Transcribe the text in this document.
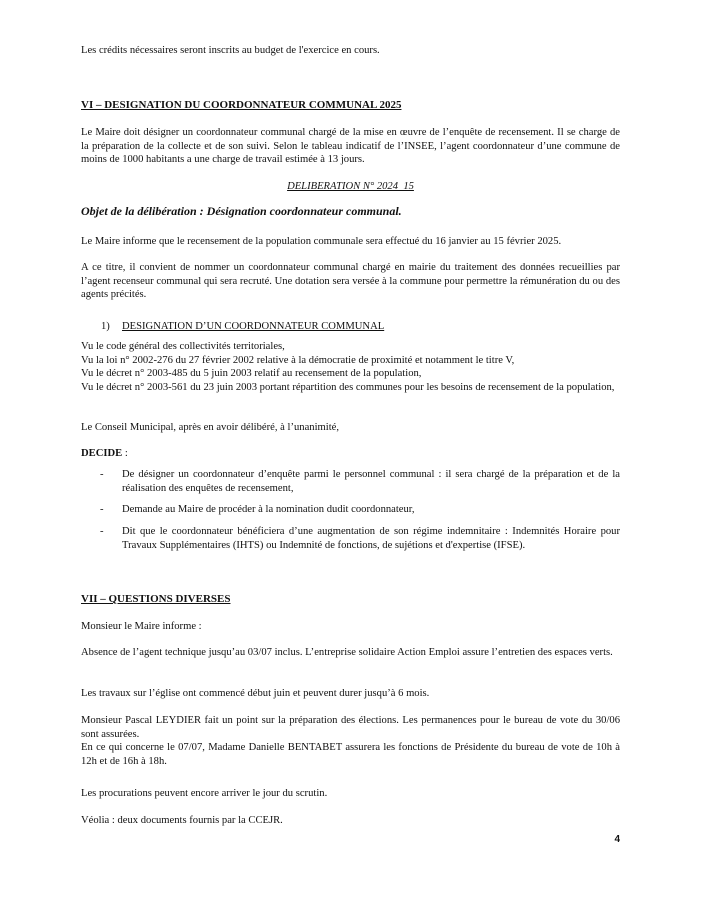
Les crédits nécessaires seront inscrits au budget de l'exercice en cours.

VI – DESIGNATION DU COORDONNATEUR COMMUNAL 2025

Le Maire doit désigner un coordonnateur communal chargé de la mise en œuvre de l’enquête de recensement. Il se charge de la préparation de la collecte et de son suivi. Selon le tableau indicatif de l’INSEE, l’agent coordonnateur d’une commune de moins de 1000 habitants a une charge de travail estimée à 13 jours.

DELIBERATION N° 2024_15

Objet de la délibération : Désignation coordonnateur communal.

Le Maire informe que le recensement de la population communale sera effectué du 16 janvier au 15 février 2025.

A ce titre, il convient de nommer un coordonnateur communal chargé en mairie du traitement des données recueillies par l’agent recenseur communal qui sera recruté. Une dotation sera versée à la commune pour permettre la rémunération du ou des agents précités.

1) DESIGNATION D’UN COORDONNATEUR COMMUNAL
Vu le code général des collectivités territoriales,
Vu la loi n° 2002-276 du 27 février 2002 relative à la démocratie de proximité et notamment le titre V,
Vu le décret n° 2003-485 du 5 juin 2003 relatif au recensement de la population,
Vu le décret n° 2003-561 du 23 juin 2003 portant répartition des communes pour les besoins de recensement de la population,

Le Conseil Municipal, après en avoir délibéré, à l’unanimité,

DECIDE :

-	De désigner un coordonnateur d’enquête parmi le personnel communal : il sera chargé de la préparation et de la réalisation des enquêtes de recensement,
-	Demande au Maire de procéder à la nomination dudit coordonnateur,
-	Dit que le coordonnateur bénéficiera d’une augmentation de son régime indemnitaire : Indemnités Horaire pour Travaux Supplémentaires (IHTS) ou Indemnité de fonctions, de sujétions et d'expertise (IFSE).

VII – QUESTIONS DIVERSES

Monsieur le Maire informe :

Absence de l’agent technique jusqu’au 03/07 inclus. L’entreprise solidaire Action Emploi assure l’entretien des espaces verts.

Les travaux sur l’église ont commencé début juin et peuvent durer jusqu’à 6 mois.

Monsieur Pascal LEYDIER fait un point sur la préparation des élections. Les permanences pour le bureau de vote du 30/06 sont assurées.

En ce qui concerne le 07/07, Madame Danielle BENTABET assurera les fonctions de Présidente du bureau de vote de 10h à 12h et de 16h à 18h.

Les procurations peuvent encore arriver le jour du scrutin.

Véolia : deux documents fournis par la CCEJR.

4
